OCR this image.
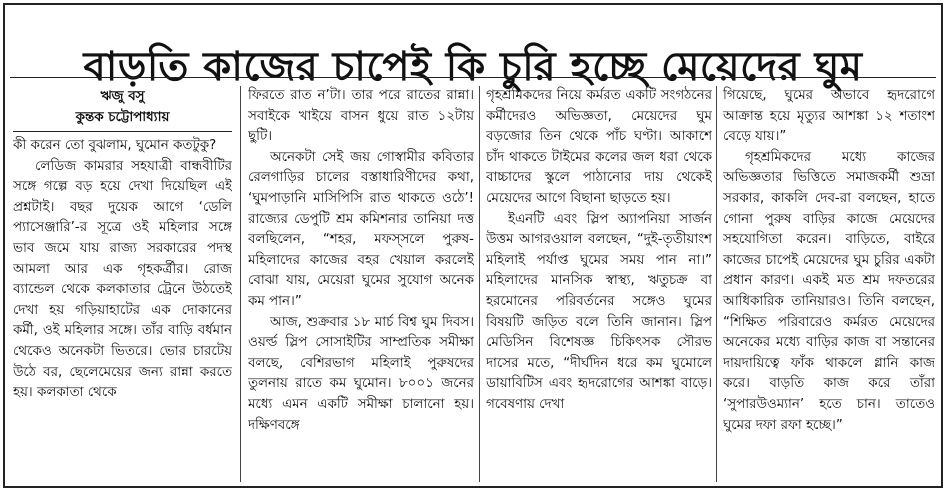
বাড়তি কাজের চাপেই কি চুরি হচ্ছে মেয়েদের ঘুম
ঋজু বসু
কুন্তক চট্টোপাধ্যায়

কী করেন তো বুঝলাম, ঘুমোন কতটুকু?

লেডিজ কামরার সহযাত্রী বান্ধবীটির সঙ্গে গল্পে বড় হয়ে দেখা দিয়েছিল এই প্রশ্নটাই। বছর দুয়েক আগে ‘ডেলি প্যাসেঞ্জারি’-র সূত্রে ওই মহিলার সঙ্গে ভাব জমে যায় রাজ্য সরকারের পদস্থ আমলা আর এক গৃহকর্ত্রীর। রোজ ব্যান্ডেল থেকে কলকাতার ট্রেনে উঠতেই দেখা হয় গড়িয়াহাটের এক দোকানের কর্মী, ওই মহিলার সঙ্গে। তাঁর বাড়ি বর্ধমান থেকেও অনেকটা ভিতরে। ভোর চারটেয় উঠে বর, ছেলেমেয়ের জন্য রান্না করতে হয়। কলকাতা থেকে

ফিরতে রাত ন’টা। তার পরে রাতের রান্না। সবাইকে খাইয়ে বাসন ধুয়ে রাত ১২টায় ছুটি।

অনেকটা সেই জয় গোস্বামীর কবিতার রেলগাড়ির চালের বস্তাধারিণীদের কথা, ‘ঘুমপাড়ানি মাসিপিসি রাত থাকতে ওঠে’! রাজ্যের ডেপুটি শ্রম কমিশনার তানিয়া দত্ত বলছিলেন, “শহর, মফস্সলে পুরুষ-মহিলাদের কাজের বহর খেয়াল করলেই বোঝা যায়, মেয়েরা ঘুমের সুযোগ অনেক কম পান।”

আজ, শুক্রবার ১৮ মার্চ বিশ্ব ঘুম দিবস। ওয়র্ল্ড স্লিপ সোসাইটির সাম্প্রতিক সমীক্ষা বলছে, বেশিরভাগ মহিলাই পুরুষদের তুলনায় রাতে কম ঘুমোন। ৮০০১ জনের মধ্যে এমন একটি সমীক্ষা চালানো হয়। দক্ষিণবঙ্গে

গৃহশ্রমিকদের নিয়ে কর্মরত একটি সংগঠনের কর্মীদেরও অভিজ্ঞতা, মেয়েদের ঘুম বড়জোর তিন থেকে পাঁচ ঘণ্টা। আকাশে চাঁদ থাকতে টাইমের কলের জল ধরা থেকে বাচ্চাদের স্কুলে পাঠানোর দায় থেকেই মেয়েদের আগে বিছানা ছাড়তে হয়।

ইএনটি এবং স্লিপ অ্যাপনিয়া সার্জন উত্তম আগরওয়াল বলছেন, “দুই-তৃতীয়াংশ মহিলাই পর্যাপ্ত ঘুমের সময় পান না।” মহিলাদের মানসিক স্বাস্থ্য, ঋতুচক্র বা হরমোনের পরিবর্তনের সঙ্গেও ঘুমের বিষয়টি জড়িত বলে তিনি জানান। স্লিপ মেডিসিন বিশেষজ্ঞ চিকিৎসক সৌরভ দাসের মতে, “দীর্ঘদিন ধরে কম ঘুমোলে ডায়াবিটিস এবং হৃদরোগের আশঙ্কা বাড়ে। গবেষণায় দেখা

গিয়েছে, ঘুমের অভাবে হৃদরোগে আক্রান্ত হয়ে মৃত্যুর আশঙ্কা ১২ শতাংশ বেড়ে যায়।”

গৃহশ্রমিকদের মধ্যে কাজের অভিজ্ঞতার ভিত্তিতে সমাজকর্মী শুভ্রা সরকার, কাকলি দেব-রা বলছেন, হাতে গোনা পুরুষ বাড়ির কাজে মেয়েদের সহযোগিতা করেন। বাড়িতে, বাইরে কাজের চাপেই মেয়েদের ঘুম চুরির একটা প্রধান কারণ। একই মত শ্রম দফতরের আধিকারিক তানিয়ারও। তিনি বলছেন, “শিক্ষিত পরিবারেও কর্মরত মেয়েদের অনেকের মধ্যে বাড়ির কাজ বা সন্তানের দায়দায়িত্বে ফাঁক থাকলে গ্লানি কাজ করে। বাড়তি কাজ করে তাঁরা ‘সুপারউওম্যান’ হতে চান। তাতেও ঘুমের দফা রফা হচ্ছে।”
